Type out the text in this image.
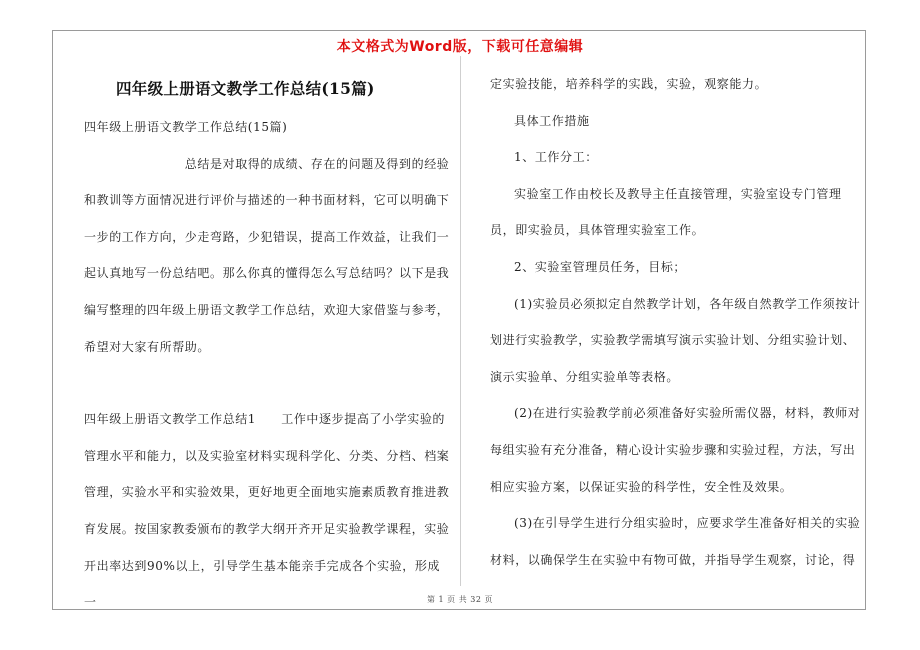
本文格式为Word版，下载可任意编辑

四年级上册语文教学工作总结(15篇)

四年级上册语文教学工作总结(15篇)

　　　　　　　　总结是对取得的成绩、存在的问题及得到的经验和教训等方面情况进行评价与描述的一种书面材料，它可以明确下一步的工作方向，少走弯路，少犯错误，提高工作效益，让我们一起认真地写一份总结吧。那么你真的懂得怎么写总结吗？以下是我编写整理的四年级上册语文教学工作总结，欢迎大家借鉴与参考，希望对大家有所帮助。

四年级上册语文教学工作总结1　　工作中逐步提高了小学实验的管理水平和能力，以及实验室材料实现科学化、分类、分档、档案管理，实验水平和实验效果，更好地更全面地实施素质教育推进教育发展。按国家教委颁布的教学大纲开齐开足实验教学课程，实验开出率达到90%以上，引导学生基本能亲手完成各个实验，形成一

定实验技能，培养科学的实践，实验，观察能力。

具体工作措施

1、工作分工：

实验室工作由校长及教导主任直接管理，实验室设专门管理员，即实验员，具体管理实验室工作。

2、实验室管理员任务，目标；

(1)实验员必须拟定自然教学计划，各年级自然教学工作须按计划进行实验教学，实验教学需填写演示实验计划、分组实验计划、演示实验单、分组实验单等表格。

(2)在进行实验教学前必须准备好实验所需仪器，材料，教师对每组实验有充分准备，精心设计实验步骤和实验过程，方法，写出相应实验方案，以保证实验的科学性，安全性及效果。

(3)在引导学生进行分组实验时，应要求学生准备好相关的实验材料，以确保学生在实验中有物可做，并指导学生观察，讨论，得

第 1 页 共 32 页
